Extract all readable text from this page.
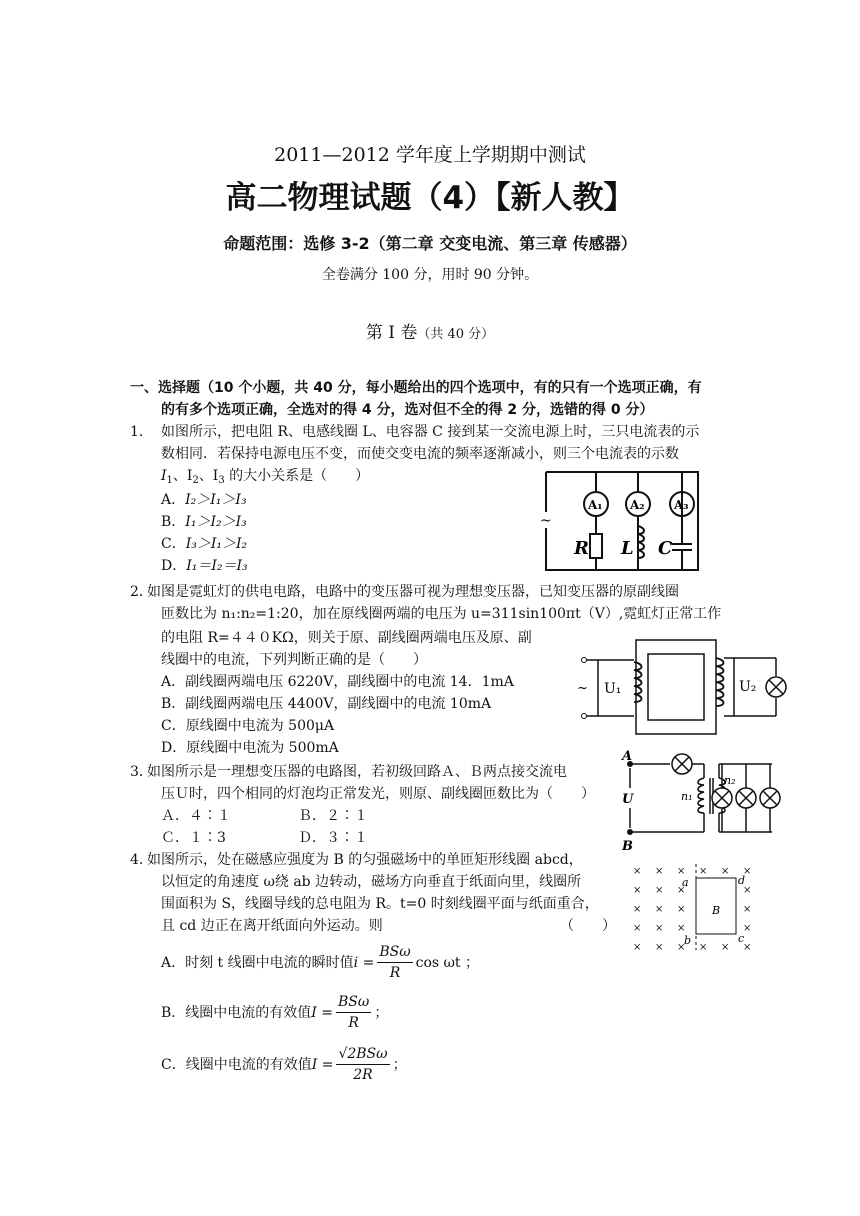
2011—2012 学年度上学期期中测试
高二物理试题（4）【新人教】
命题范围：选修 3-2（第二章 交变电流、第三章 传感器）
全卷满分 100 分，用时 90 分钟。
第 Ⅰ 卷（共 40 分）
一、选择题（10 个小题，共 40 分，每小题给出的四个选项中，有的只有一个选项正确，有
的有多个选项正确，全选对的得 4 分，选对但不全的得 2 分，选错的得 0 分）
1． 如图所示，把电阻 R、电感线圈 L、电容器 C 接到某一交流电源上时，三只电流表的示
数相同．若保持电源电压不变，而使交变电流的频率逐渐减小，则三个电流表的示数
$I_1$、$I_2$、$I_3$ 的大小关系是（　　）
A．I₂＞I₁＞I₃
B．I₁＞I₂＞I₃
C．I₃＞I₁＞I₂
D．I₁＝I₂＝I₃
~
A₁ A₂ A₃
R L C
2．
如图是霓虹灯的供电电路，电路中的变压器可视为理想变压器，已知变压器的原副线圈
匝数比为 n₁:n₂=1:20，加在原线圈两端的电压为 u=311sin100πt（V）,霓虹灯正常工作
的电阻 R=４４０KΩ，则关于原、副线圈两端电压及原、副
线圈中的电流，下列判断正确的是（　　）
A．副线圈两端电压 6220V，副线圈中的电流 14．1mA
B．副线圈两端电压 4400V，副线圈中的电流 10mA
C．原线圈中电流为 500μA
D．原线圈中电流为 500mA
~ U₁	U₂
3．
如图所示是一理想变压器的电路图，若初级回路Ａ、Ｂ两点接交流电
压Ｕ时，四个相同的灯泡均正常发光，则原、副线圈匝数比为（　　）
Ａ．４∶１	Ｂ．２∶１
Ｃ．１∶3	Ｄ．３∶１
A
B
U	n₁
n₂
4．
如图所示，处在磁感应强度为 B 的匀强磁场中的单匝矩形线圈 abcd，
以恒定的角速度 ω绕 ab 边转动，磁场方向垂直于纸面向里，线圈所
围面积为 S，线圈导线的总电阻为 R。t=0 时刻线圈平面与纸面重合，
且 cd 边正在离开纸面向外运动。则	（　　）
A．时刻 t 线圈中电流的瞬时值 $i = \frac{\text{BSω}}{R}$ cos ωt ；
B．线圈中电流的有效值 $I = \frac{\text{BSω}}{R}$ ；
C．线圈中电流的有效值 $I = \frac{\text{√2BSω}}{2R}$ ；
× × × × × ×
× × ×	×
× × ×	×
× × ×	×
× × × × × ×
a	d
b	c
B
